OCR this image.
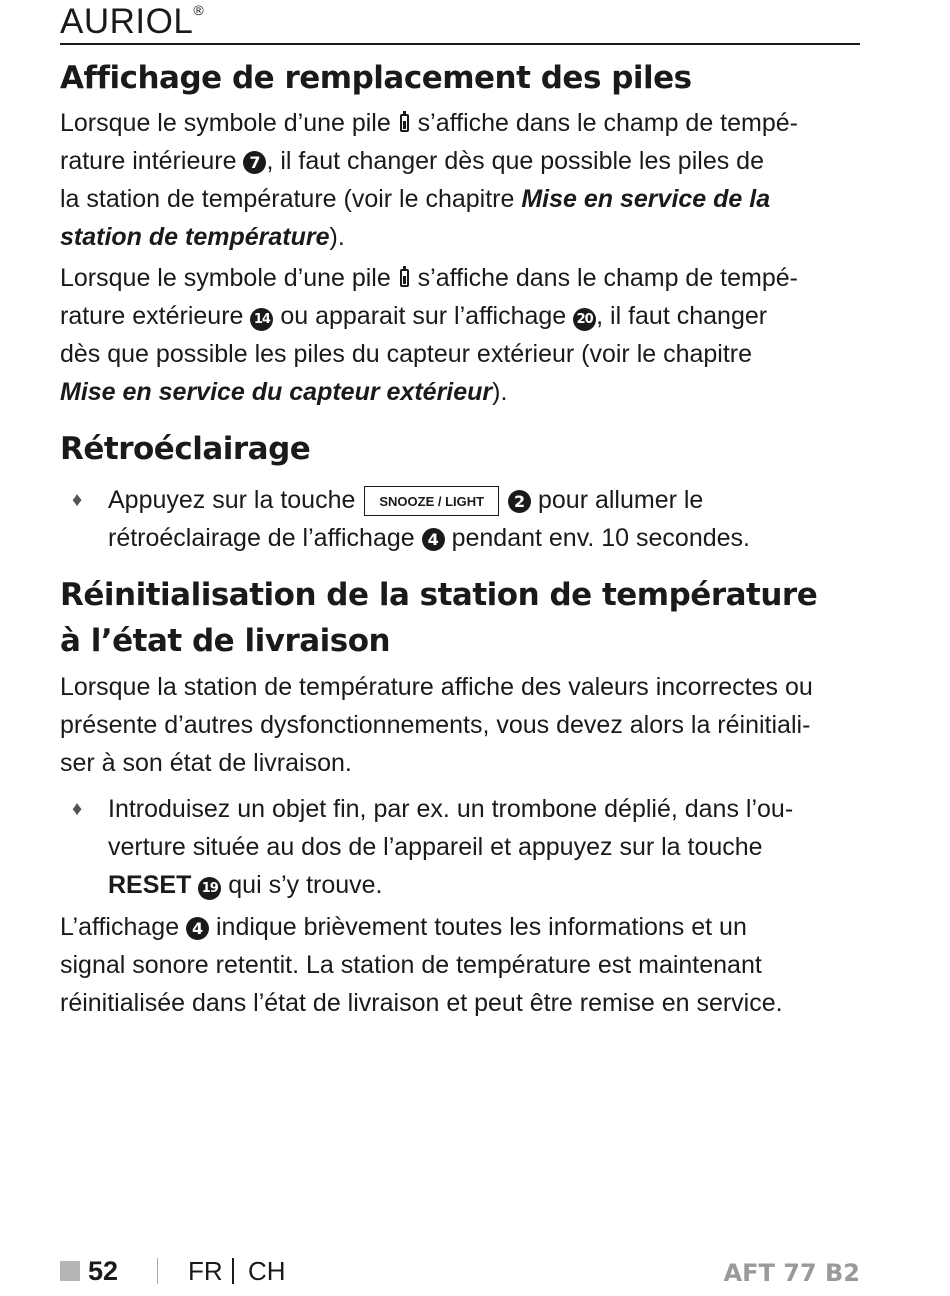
AURIOL®
Affichage de remplacement des piles

Lorsque le symbole d’une pile s’affiche dans le champ de tempé-
rature intérieure 7 , il faut changer dès que possible les piles de
la station de température (voir le chapitre Mise en service de la
station de température).

Lorsque le symbole d’une pile s’affiche dans le champ de tempé-
rature extérieure 14 ou apparait sur l’affichage 20 , il faut changer
dès que possible les piles du capteur extérieur (voir le chapitre
Mise en service du capteur extérieur).

Rétroéclairage
♦ Appuyez sur la touche SNOOZE / LIGHT 2 pour allumer le
rétroéclairage de l’affichage 4 pendant env. 10 secondes.

Réinitialisation de la station de température
à l’état de livraison

Lorsque la station de température affiche des valeurs incorrectes ou
présente d’autres dysfonctionnements, vous devez alors la réinitiali-
ser à son état de livraison.

♦ Introduisez un objet fin, par ex. un trombone déplié, dans l’ou-
verture située au dos de l’appareil et appuyez sur la touche
RESET 19 qui s’y trouve.

L’affichage 4 indique brièvement toutes les informations et un
signal sonore retentit. La station de température est maintenant
réinitialisée dans l’état de livraison et peut être remise en service.

52	FR CH	AFT 77 B2
